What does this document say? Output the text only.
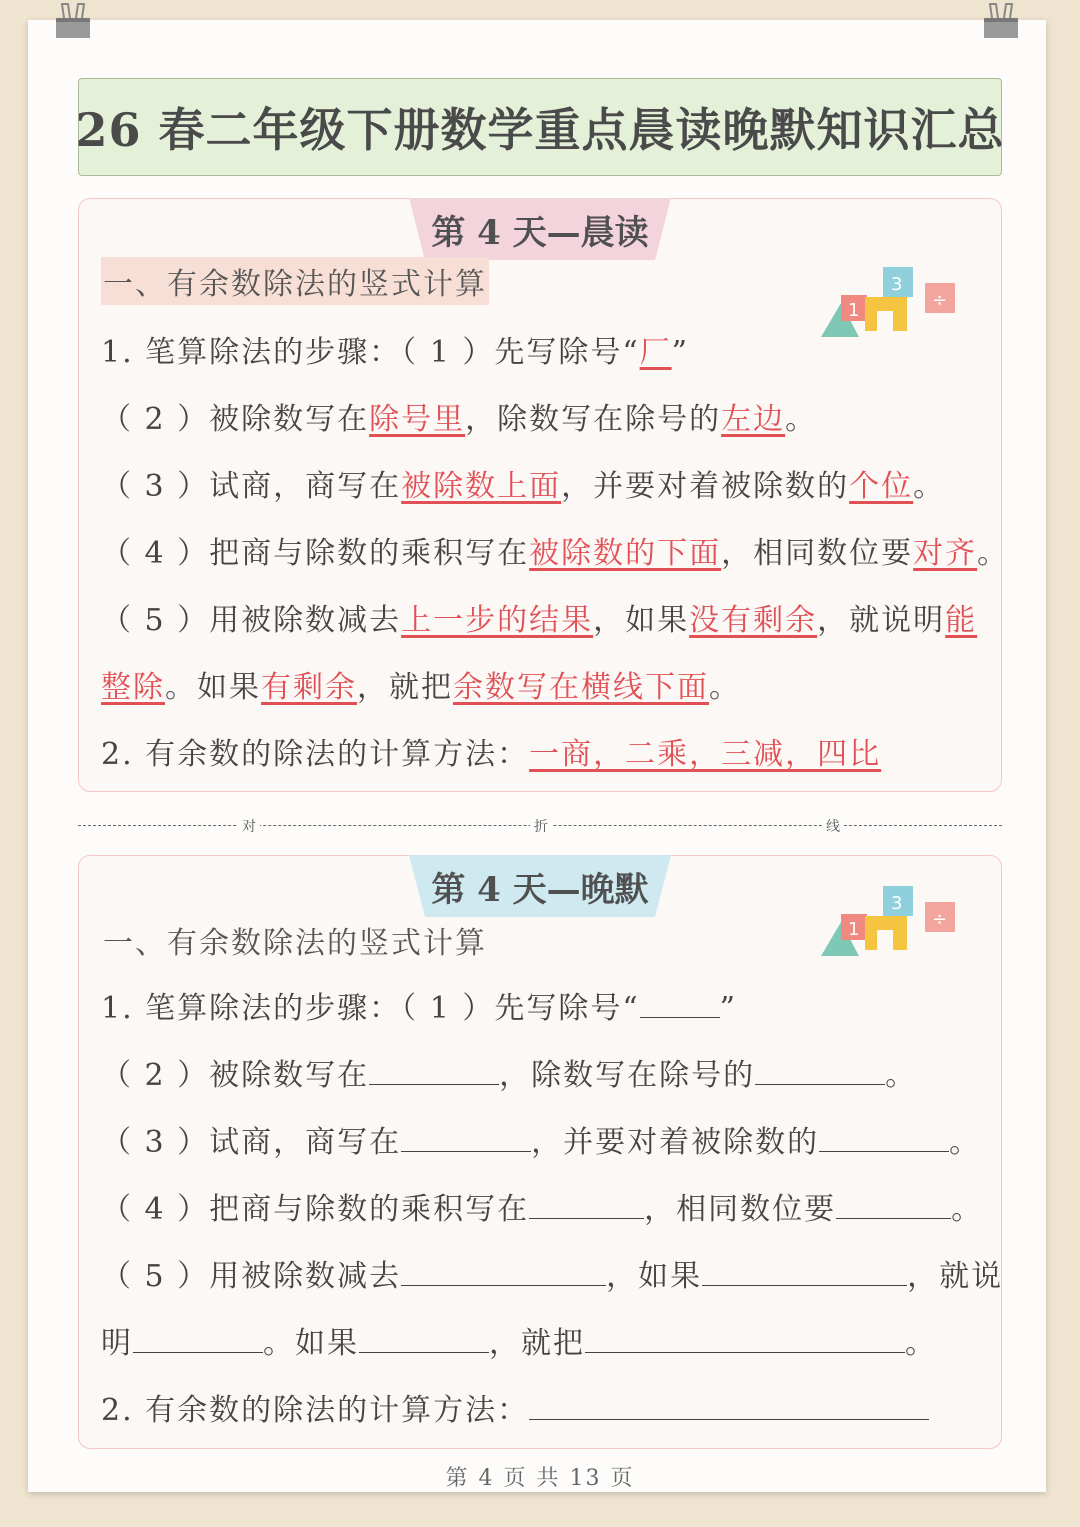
26 春二年级下册数学重点晨读晚默知识汇总
第 4 天—晨读
1
3
÷
一、有余数除法的竖式计算
1. 笔算除法的步骤：（ 1 ）先写除号“厂”
（ 2 ）被除数写在除号里，除数写在除号的左边。
（ 3 ）试商，商写在被除数上面，并要对着被除数的个位。
（ 4 ）把商与除数的乘积写在被除数的下面，相同数位要对齐。
（ 5 ）用被除数减去上一步的结果，如果没有剩余，就说明能
整除。如果有剩余，就把余数写在横线下面。
2. 有余数的除法的计算方法：一商，二乘，三减，四比
对	折	线
第 4 天—晚默
1
3
÷
一、有余数除法的竖式计算
1. 笔算除法的步骤：（ 1 ）先写除号“	”
（ 2 ）被除数写在	，除数写在除号的	。
（ 3 ）试商，商写在	，并要对着被除数的	。
（ 4 ）把商与除数的乘积写在	，相同数位要	。
（ 5 ）用被除数减去	，如果	，就说
明	。如果	，就把	。
2. 有余数的除法的计算方法：
第 4 页 共 13 页
